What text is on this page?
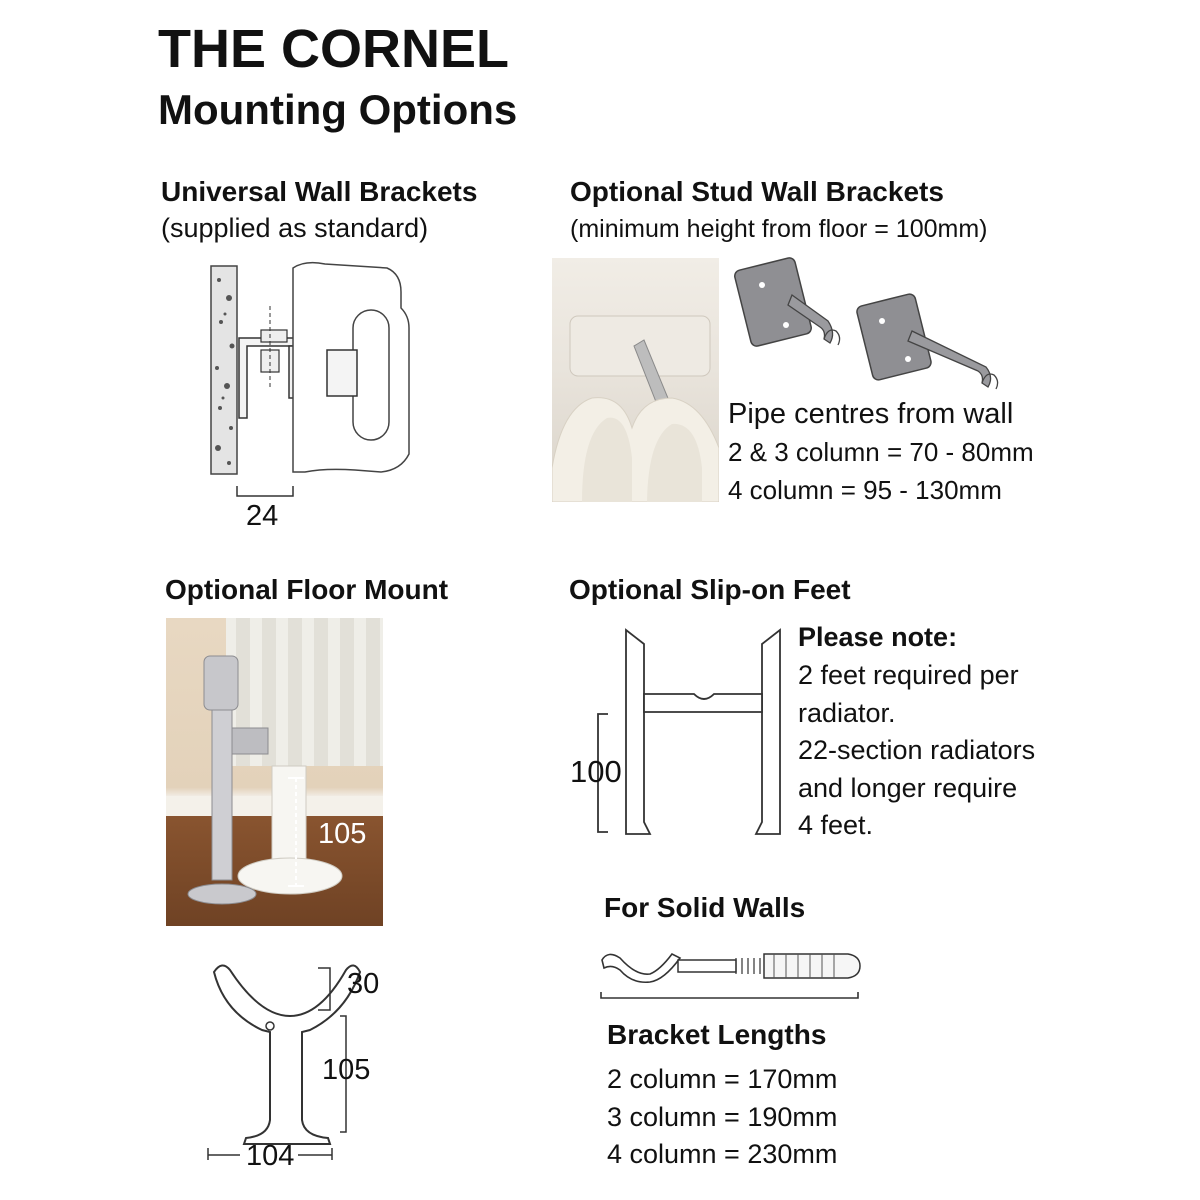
THE CORNEL
Mounting Options
Universal Wall Brackets
(supplied as standard)
24
Optional Stud Wall Brackets
(minimum height from floor = 100mm)
Pipe centres from wall
2 & 3 column = 70 - 80mm
4 column = 95 - 130mm
Optional Floor Mount
105
30
105
104
Optional Slip-on Feet
100
Please note:
2 feet required per
radiator.
22-section radiators
and longer require
4 feet.
For Solid Walls
Bracket Lengths
2 column = 170mm
3 column = 190mm
4 column = 230mm
